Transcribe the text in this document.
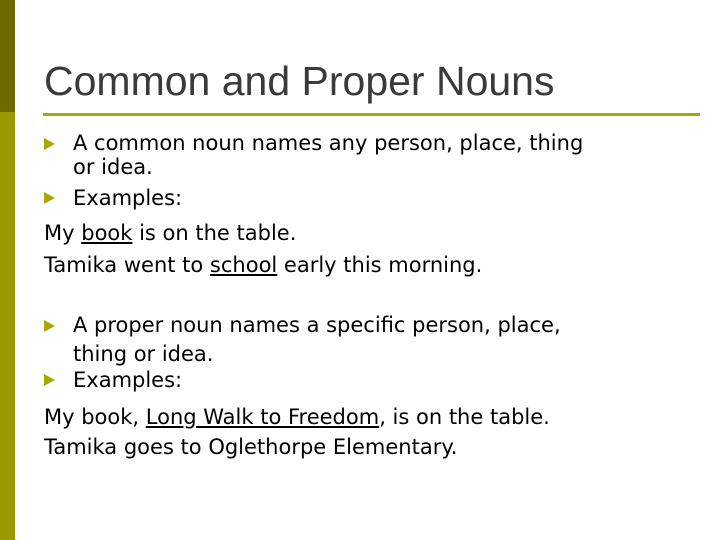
Common and Proper Nouns
A common noun names any person, place, thing
or idea.
Examples:
My book is on the table.
Tamika went to school early this morning.
A proper noun names a specific person, place,
thing or idea.
Examples:
My book, Long Walk to Freedom, is on the table.
Tamika goes to Oglethorpe Elementary.
